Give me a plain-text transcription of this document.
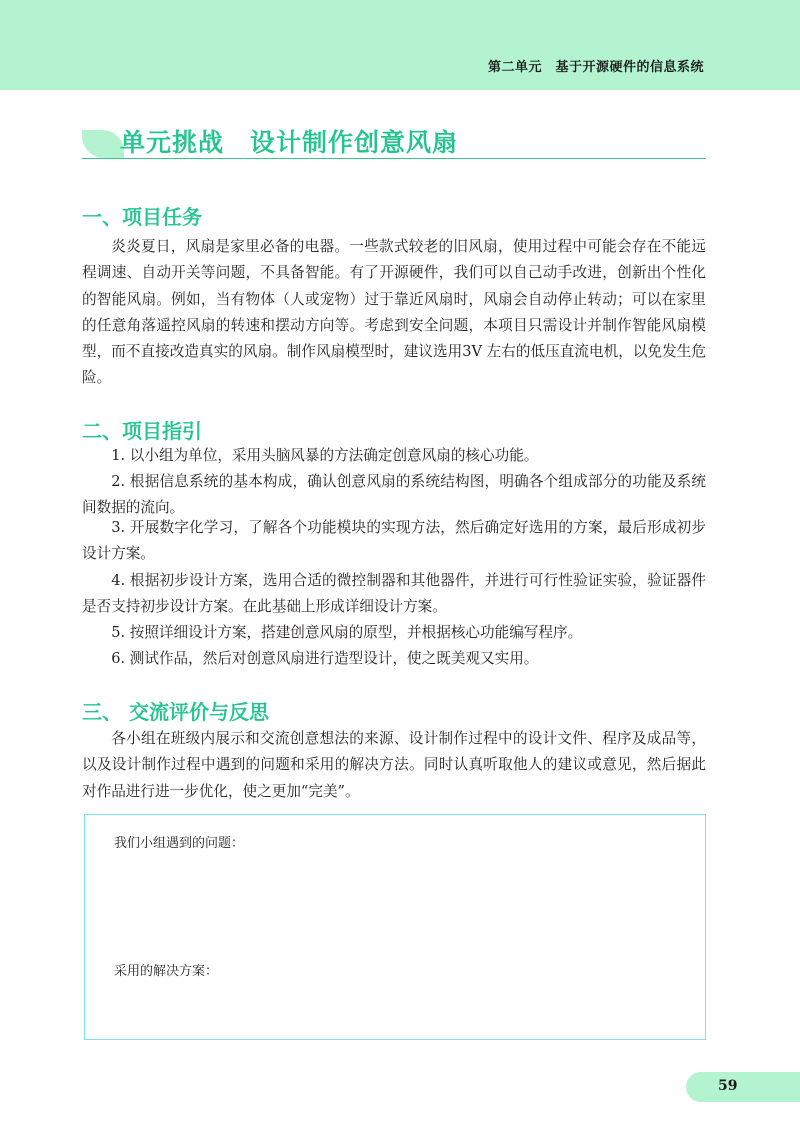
第二单元　基于开源硬件的信息系统
单元挑战　设计制作创意风扇
一、项目任务

炎炎夏日，风扇是家里必备的电器。一些款式较老的旧风扇，使用过程中可能会存在不能远程调速、自动开关等问题，不具备智能。有了开源硬件，我们可以自己动手改进，创新出个性化的智能风扇。例如，当有物体（人或宠物）过于靠近风扇时，风扇会自动停止转动；可以在家里的任意角落遥控风扇的转速和摆动方向等。考虑到安全问题，本项目只需设计并制作智能风扇模型，而不直接改造真实的风扇。制作风扇模型时，建议选用3V 左右的低压直流电机，以免发生危险。

二、项目指引

1. 以小组为单位，采用头脑风暴的方法确定创意风扇的核心功能。

2. 根据信息系统的基本构成，确认创意风扇的系统结构图，明确各个组成部分的功能及系统间数据的流向。

3. 开展数字化学习，了解各个功能模块的实现方法，然后确定好选用的方案，最后形成初步设计方案。

4. 根据初步设计方案，选用合适的微控制器和其他器件，并进行可行性验证实验，验证器件是否支持初步设计方案。在此基础上形成详细设计方案。

5. 按照详细设计方案，搭建创意风扇的原型，并根据核心功能编写程序。

6. 测试作品，然后对创意风扇进行造型设计，使之既美观又实用。

三、 交流评价与反思

各小组在班级内展示和交流创意想法的来源、设计制作过程中的设计文件、程序及成品等，以及设计制作过程中遇到的问题和采用的解决方法。同时认真听取他人的建议或意见，然后据此对作品进行进一步优化，使之更加“完美”。

我们小组遇到的问题：
采用的解决方案：
59
